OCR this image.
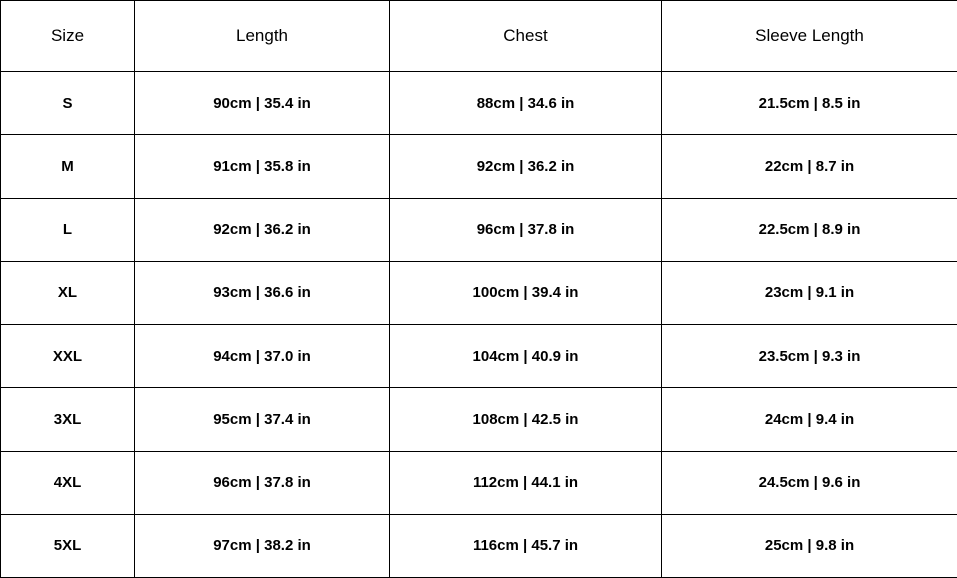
Size	Length	Chest	Sleeve Length
S	90cm | 35.4 in	88cm | 34.6 in	21.5cm | 8.5 in
M	91cm | 35.8 in	92cm | 36.2 in	22cm | 8.7 in
L	92cm | 36.2 in	96cm | 37.8 in	22.5cm | 8.9 in
XL	93cm | 36.6 in	100cm | 39.4 in	23cm | 9.1 in
XXL	94cm | 37.0 in	104cm | 40.9 in	23.5cm | 9.3 in
3XL	95cm | 37.4 in	108cm | 42.5 in	24cm | 9.4 in
4XL	96cm | 37.8 in	112cm | 44.1 in	24.5cm | 9.6 in
5XL	97cm | 38.2 in	116cm | 45.7 in	25cm | 9.8 in
